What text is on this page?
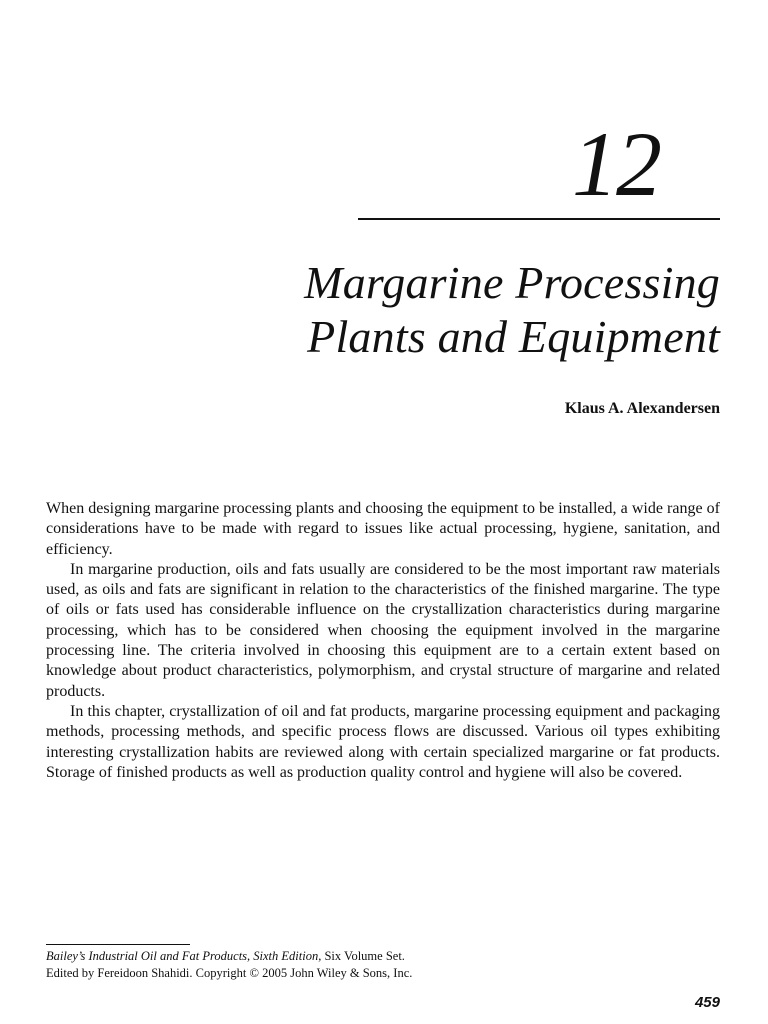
12
Margarine Processing
Plants and Equipment
Klaus A. Alexandersen

When designing margarine processing plants and choosing the equipment to be installed, a wide range of considerations have to be made with regard to issues like actual processing, hygiene, sanitation, and efficiency.

In margarine production, oils and fats usually are considered to be the most important raw materials used, as oils and fats are significant in relation to the characteristics of the finished margarine. The type of oils or fats used has considerable influence on the crystallization characteristics during margarine processing, which has to be considered when choosing the equipment involved in the margarine processing line. The criteria involved in choosing this equipment are to a certain extent based on knowledge about product characteristics, polymorphism, and crystal structure of margarine and related products.

In this chapter, crystallization of oil and fat products, margarine processing equipment and packaging methods, processing methods, and specific process flows are discussed. Various oil types exhibiting interesting crystallization habits are reviewed along with certain specialized margarine or fat products. Storage of finished products as well as production quality control and hygiene will also be covered.

Bailey’s Industrial Oil and Fat Products, Sixth Edition, Six Volume Set.
Edited by Fereidoon Shahidi. Copyright © 2005 John Wiley & Sons, Inc.
459
